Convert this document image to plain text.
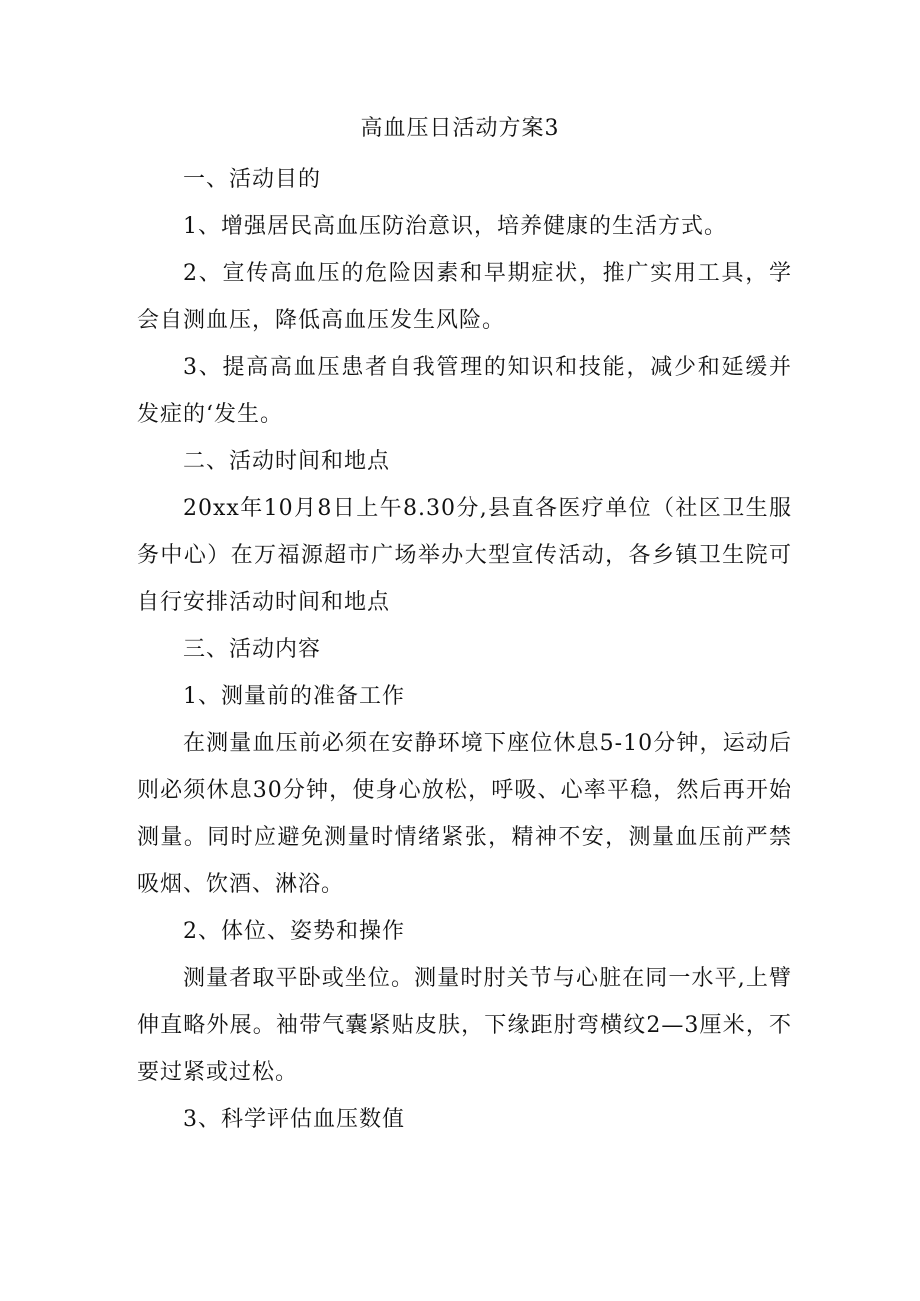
高血压日活动方案3

一、活动目的

1、增强居民高血压防治意识，培养健康的生活方式。

2、宣传高血压的危险因素和早期症状，推广实用工具，学会自测血压，降低高血压发生风险。

3、提高高血压患者自我管理的知识和技能，减少和延缓并发症的‘发生。

二、活动时间和地点

20xx年10月8日上午8.30分,县直各医疗单位（社区卫生服务中心）在万福源超市广场举办大型宣传活动，各乡镇卫生院可自行安排活动时间和地点

三、活动内容

1、测量前的准备工作

在测量血压前必须在安静环境下座位休息5-10分钟，运动后则必须休息30分钟，使身心放松，呼吸、心率平稳，然后再开始测量。同时应避免测量时情绪紧张，精神不安，测量血压前严禁吸烟、饮酒、淋浴。

2、体位、姿势和操作

测量者取平卧或坐位。测量时肘关节与心脏在同一水平,上臂伸直略外展。袖带气囊紧贴皮肤，下缘距肘弯横纹2—3厘米，不要过紧或过松。

3、科学评估血压数值
